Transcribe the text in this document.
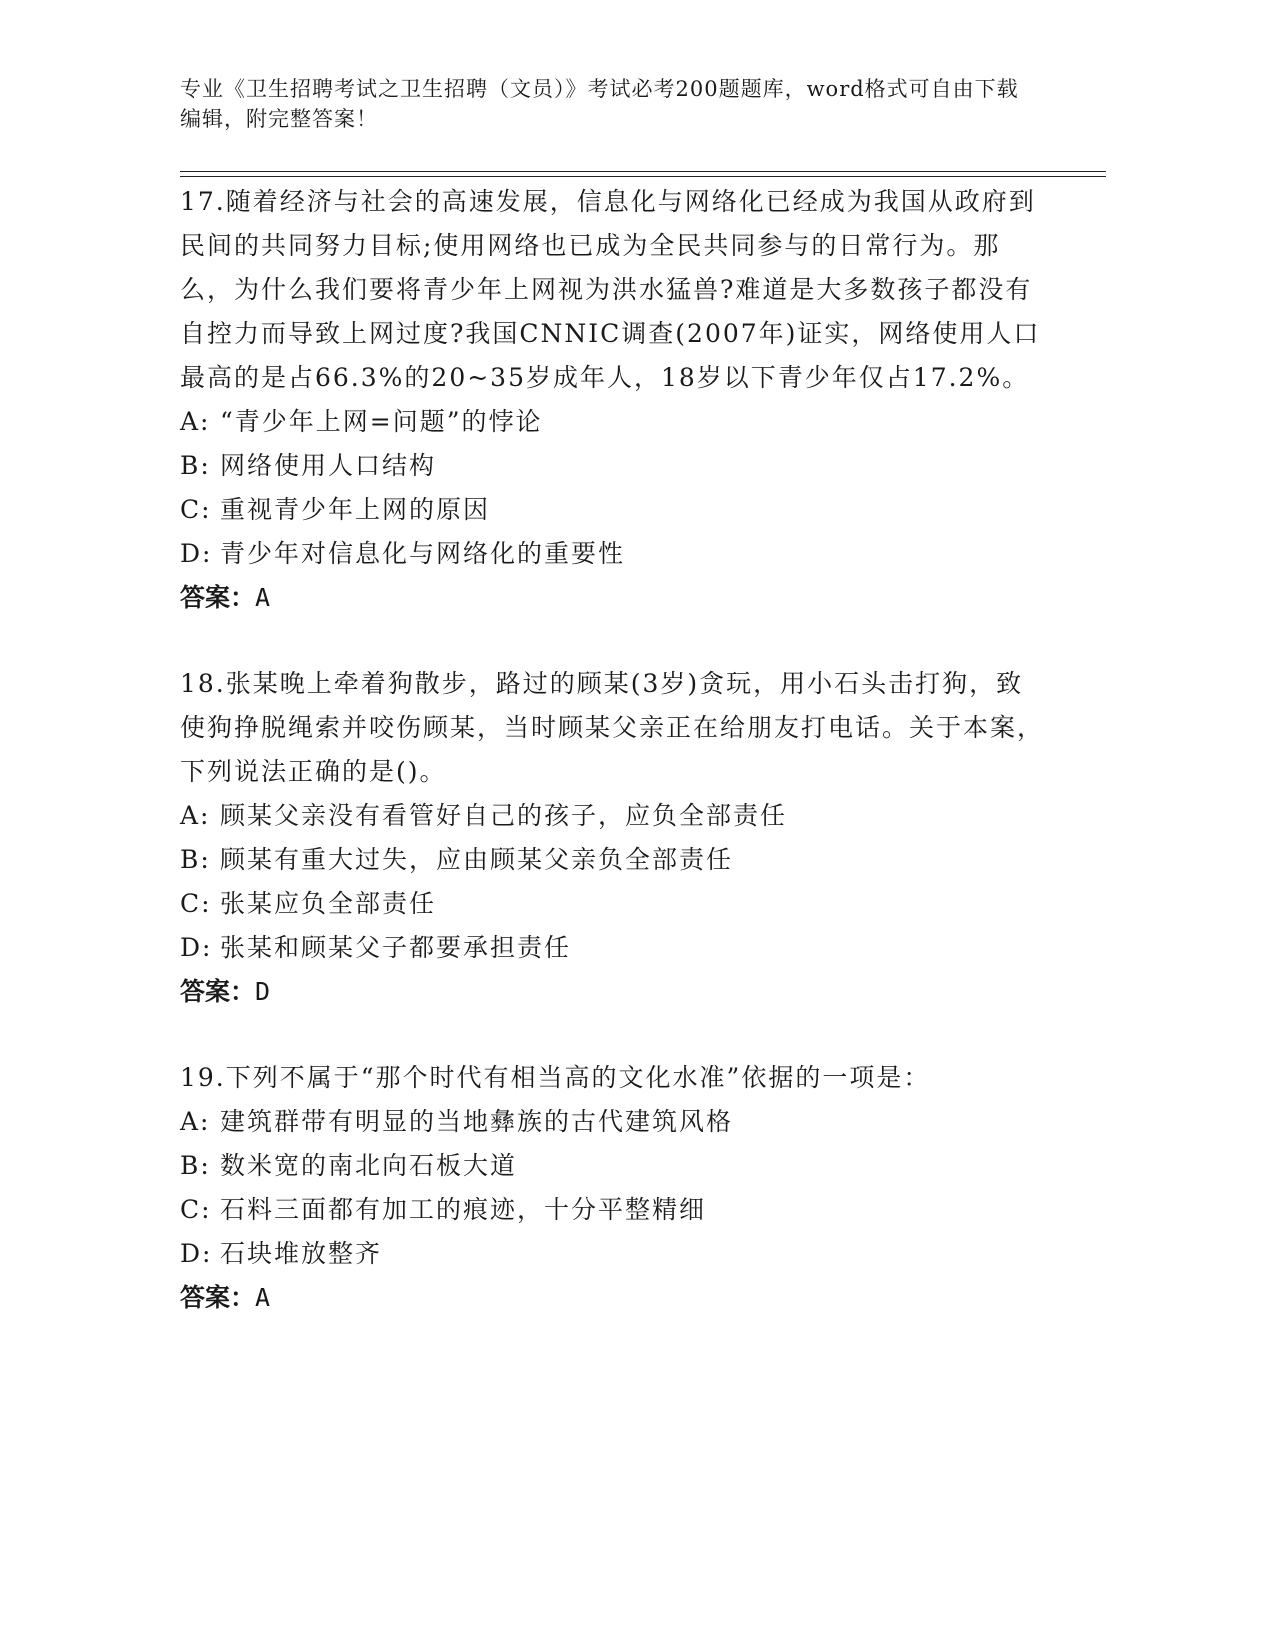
专业《卫生招聘考试之卫生招聘（文员）》考试必考200题题库，word格式可自由下载编辑，附完整答案！

17.随着经济与社会的高速发展，信息化与网络化已经成为我国从政府到民间的共同努力目标;使用网络也已成为全民共同参与的日常行为。那么，为什么我们要将青少年上网视为洪水猛兽?难道是大多数孩子都没有自控力而导致上网过度?我国CNNIC调查(2007年)证实，网络使用人口最高的是占66.3%的20~35岁成年人，18岁以下青少年仅占17.2%。

A: “青少年上网=问题”的悖论

B: 网络使用人口结构

C: 重视青少年上网的原因

D: 青少年对信息化与网络化的重要性

答案：A

18.张某晚上牵着狗散步，路过的顾某(3岁)贪玩，用小石头击打狗，致使狗挣脱绳索并咬伤顾某，当时顾某父亲正在给朋友打电话。关于本案，下列说法正确的是()。

A: 顾某父亲没有看管好自己的孩子，应负全部责任

B: 顾某有重大过失，应由顾某父亲负全部责任

C: 张某应负全部责任

D: 张某和顾某父子都要承担责任

答案：D

19.下列不属于“那个时代有相当高的文化水准”依据的一项是：

A: 建筑群带有明显的当地彝族的古代建筑风格

B: 数米宽的南北向石板大道

C: 石料三面都有加工的痕迹，十分平整精细

D: 石块堆放整齐

答案：A
